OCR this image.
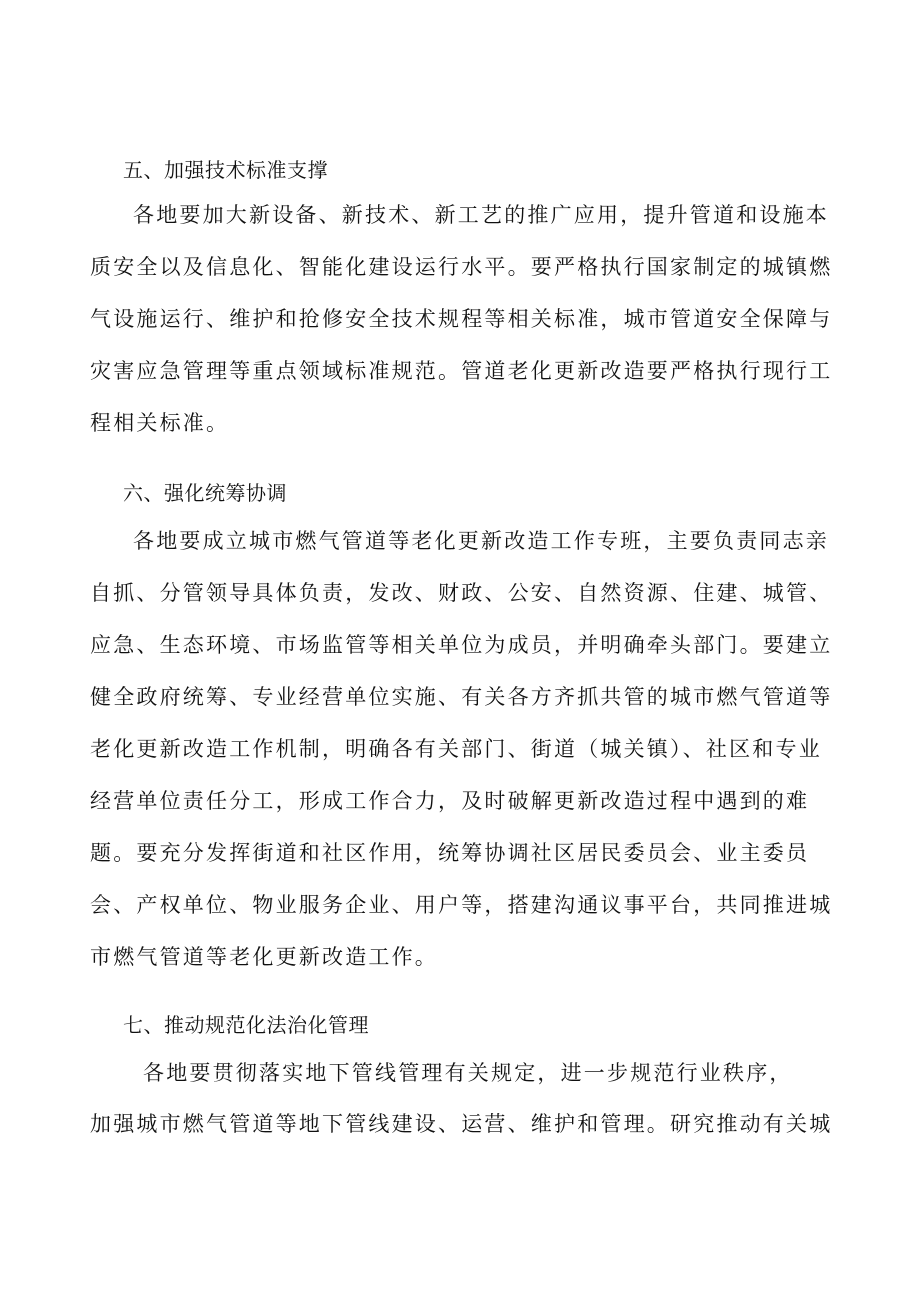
五、加强技术标准支撑
各地要加大新设备、新技术、新工艺的推广应用，提升管道和设施本
质安全以及信息化、智能化建设运行水平。要严格执行国家制定的城镇燃
气设施运行、维护和抢修安全技术规程等相关标准，城市管道安全保障与
灾害应急管理等重点领域标准规范。管道老化更新改造要严格执行现行工
程相关标准。
六、强化统筹协调
各地要成立城市燃气管道等老化更新改造工作专班，主要负责同志亲
自抓、分管领导具体负责，发改、财政、公安、自然资源、住建、城管、
应急、生态环境、市场监管等相关单位为成员，并明确牵头部门。要建立
健全政府统筹、专业经营单位实施、有关各方齐抓共管的城市燃气管道等
老化更新改造工作机制，明确各有关部门、街道（城关镇）、社区和专业
经营单位责任分工，形成工作合力，及时破解更新改造过程中遇到的难
题。要充分发挥街道和社区作用，统筹协调社区居民委员会、业主委员
会、产权单位、物业服务企业、用户等，搭建沟通议事平台，共同推进城
市燃气管道等老化更新改造工作。
七、推动规范化法治化管理
各地要贯彻落实地下管线管理有关规定，进一步规范行业秩序，
加强城市燃气管道等地下管线建设、运营、维护和管理。研究推动有关城
